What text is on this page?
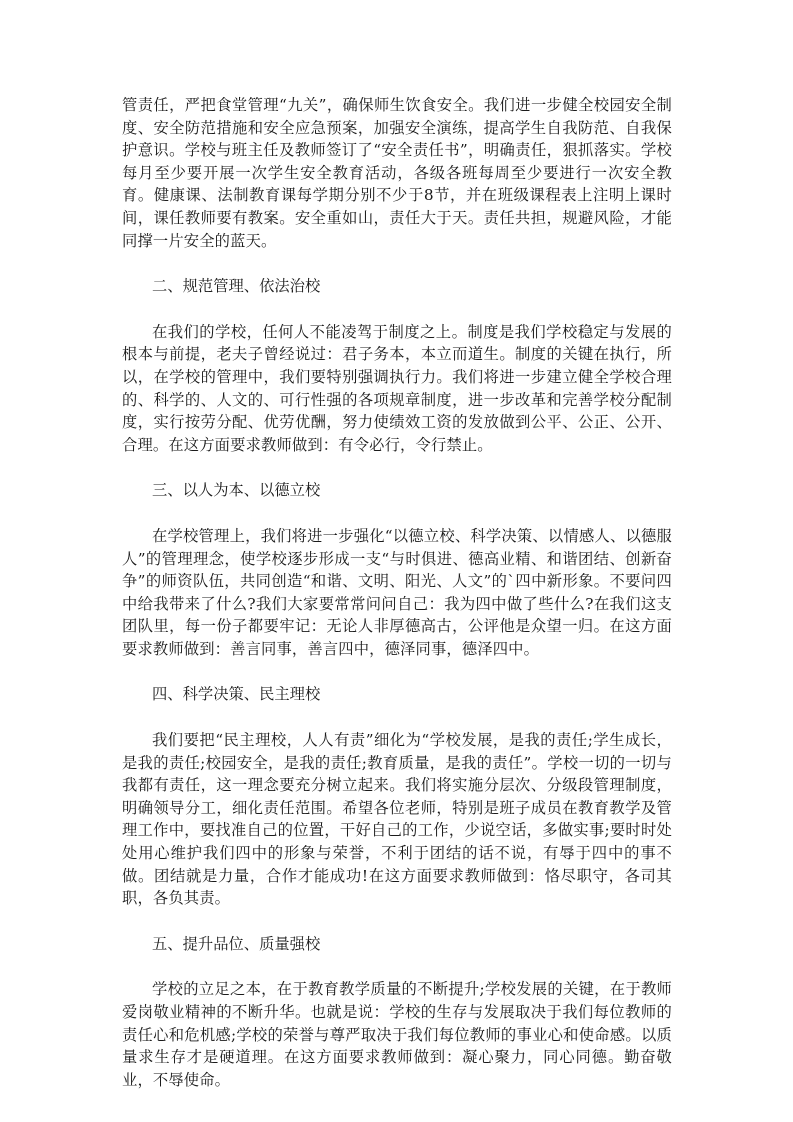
管责任，严把食堂管理“九关”，确保师生饮食安全。我们进一步健全校园安全制度、安全防范措施和安全应急预案，加强安全演练，提高学生自我防范、自我保护意识。学校与班主任及教师签订了“安全责任书”，明确责任，狠抓落实。学校每月至少要开展一次学生安全教育活动，各级各班每周至少要进行一次安全教育。健康课、法制教育课每学期分别不少于8节，并在班级课程表上注明上课时间，课任教师要有教案。安全重如山，责任大于天。责任共担，规避风险，才能同撑一片安全的蓝天。

二、规范管理、依法治校

在我们的学校，任何人不能凌驾于制度之上。制度是我们学校稳定与发展的根本与前提，老夫子曾经说过：君子务本，本立而道生。制度的关键在执行，所以，在学校的管理中，我们要特别强调执行力。我们将进一步建立健全学校合理的、科学的、人文的、可行性强的各项规章制度，进一步改革和完善学校分配制度，实行按劳分配、优劳优酬，努力使绩效工资的发放做到公平、公正、公开、合理。在这方面要求教师做到：有令必行，令行禁止。

三、以人为本、以德立校

在学校管理上，我们将进一步强化“以德立校、科学决策、以情感人、以德服人”的管理理念，使学校逐步形成一支“与时俱进、德高业精、和谐团结、创新奋争”的师资队伍，共同创造“和谐、文明、阳光、人文”的`四中新形象。不要问四中给我带来了什么?我们大家要常常问问自己：我为四中做了些什么?在我们这支团队里，每一份子都要牢记：无论人非厚德高古，公评他是众望一归。在这方面要求教师做到：善言同事，善言四中，德泽同事，德泽四中。

四、科学决策、民主理校

我们要把“民主理校，人人有责”细化为“学校发展，是我的责任;学生成长，是我的责任;校园安全，是我的责任;教育质量，是我的责任”。学校一切的一切与我都有责任，这一理念要充分树立起来。我们将实施分层次、分级段管理制度，明确领导分工，细化责任范围。希望各位老师，特别是班子成员在教育教学及管理工作中，要找准自己的位置，干好自己的工作，少说空话，多做实事;要时时处处用心维护我们四中的形象与荣誉，不利于团结的话不说，有辱于四中的事不做。团结就是力量，合作才能成功!在这方面要求教师做到：恪尽职守，各司其职，各负其责。

五、提升品位、质量强校

学校的立足之本，在于教育教学质量的不断提升;学校发展的关键，在于教师爱岗敬业精神的不断升华。也就是说：学校的生存与发展取决于我们每位教师的责任心和危机感;学校的荣誉与尊严取决于我们每位教师的事业心和使命感。以质量求生存才是硬道理。在这方面要求教师做到：凝心聚力，同心同德。勤奋敬业，不辱使命。
